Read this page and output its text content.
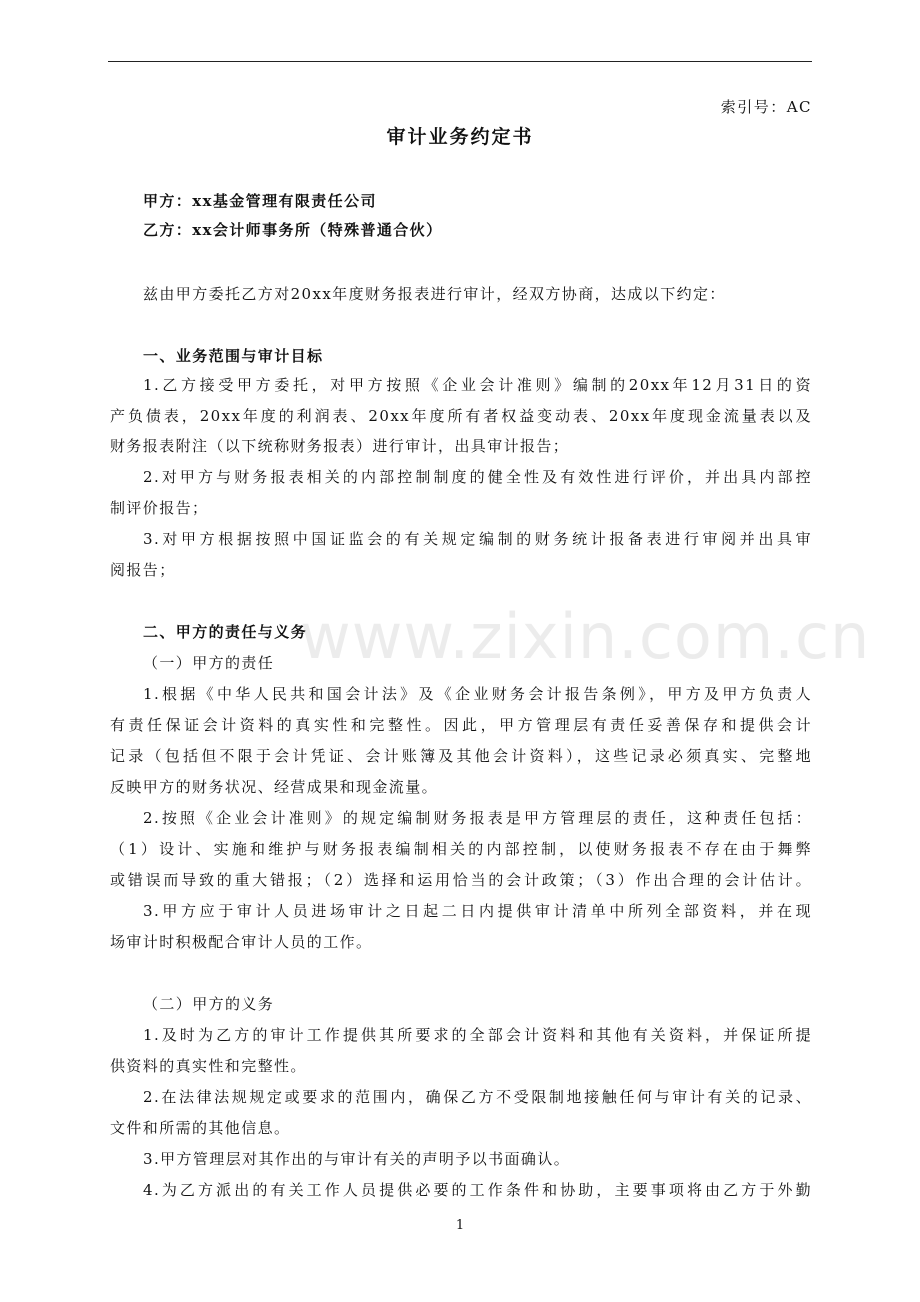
索引号：AC
审计业务约定书
甲方：xx基金管理有限责任公司
乙方：xx会计师事务所（特殊普通合伙）
兹由甲方委托乙方对20xx年度财务报表进行审计，经双方协商，达成以下约定：
一、业务范围与审计目标
1.乙方接受甲方委托，对甲方按照《企业会计准则》编制的20xx年12月31日的资
产负债表，20xx年度的利润表、20xx年度所有者权益变动表、20xx年度现金流量表以及
财务报表附注（以下统称财务报表）进行审计，出具审计报告；
2.对甲方与财务报表相关的内部控制制度的健全性及有效性进行评价，并出具内部控
制评价报告；
3.对甲方根据按照中国证监会的有关规定编制的财务统计报备表进行审阅并出具审
阅报告；
www.zixin.com.cn
二、甲方的责任与义务
（一）甲方的责任
1.根据《中华人民共和国会计法》及《企业财务会计报告条例》，甲方及甲方负责人
有责任保证会计资料的真实性和完整性。因此，甲方管理层有责任妥善保存和提供会计
记录（包括但不限于会计凭证、会计账簿及其他会计资料），这些记录必须真实、完整地
反映甲方的财务状况、经营成果和现金流量。
2.按照《企业会计准则》的规定编制财务报表是甲方管理层的责任，这种责任包括：
（1）设计、实施和维护与财务报表编制相关的内部控制，以使财务报表不存在由于舞弊
或错误而导致的重大错报；（2）选择和运用恰当的会计政策；（3）作出合理的会计估计。
3.甲方应于审计人员进场审计之日起二日内提供审计清单中所列全部资料，并在现
场审计时积极配合审计人员的工作。
（二）甲方的义务
1.及时为乙方的审计工作提供其所要求的全部会计资料和其他有关资料，并保证所提
供资料的真实性和完整性。
2.在法律法规规定或要求的范围内，确保乙方不受限制地接触任何与审计有关的记录、
文件和所需的其他信息。
3.甲方管理层对其作出的与审计有关的声明予以书面确认。
4.为乙方派出的有关工作人员提供必要的工作条件和协助，主要事项将由乙方于外勤
1
